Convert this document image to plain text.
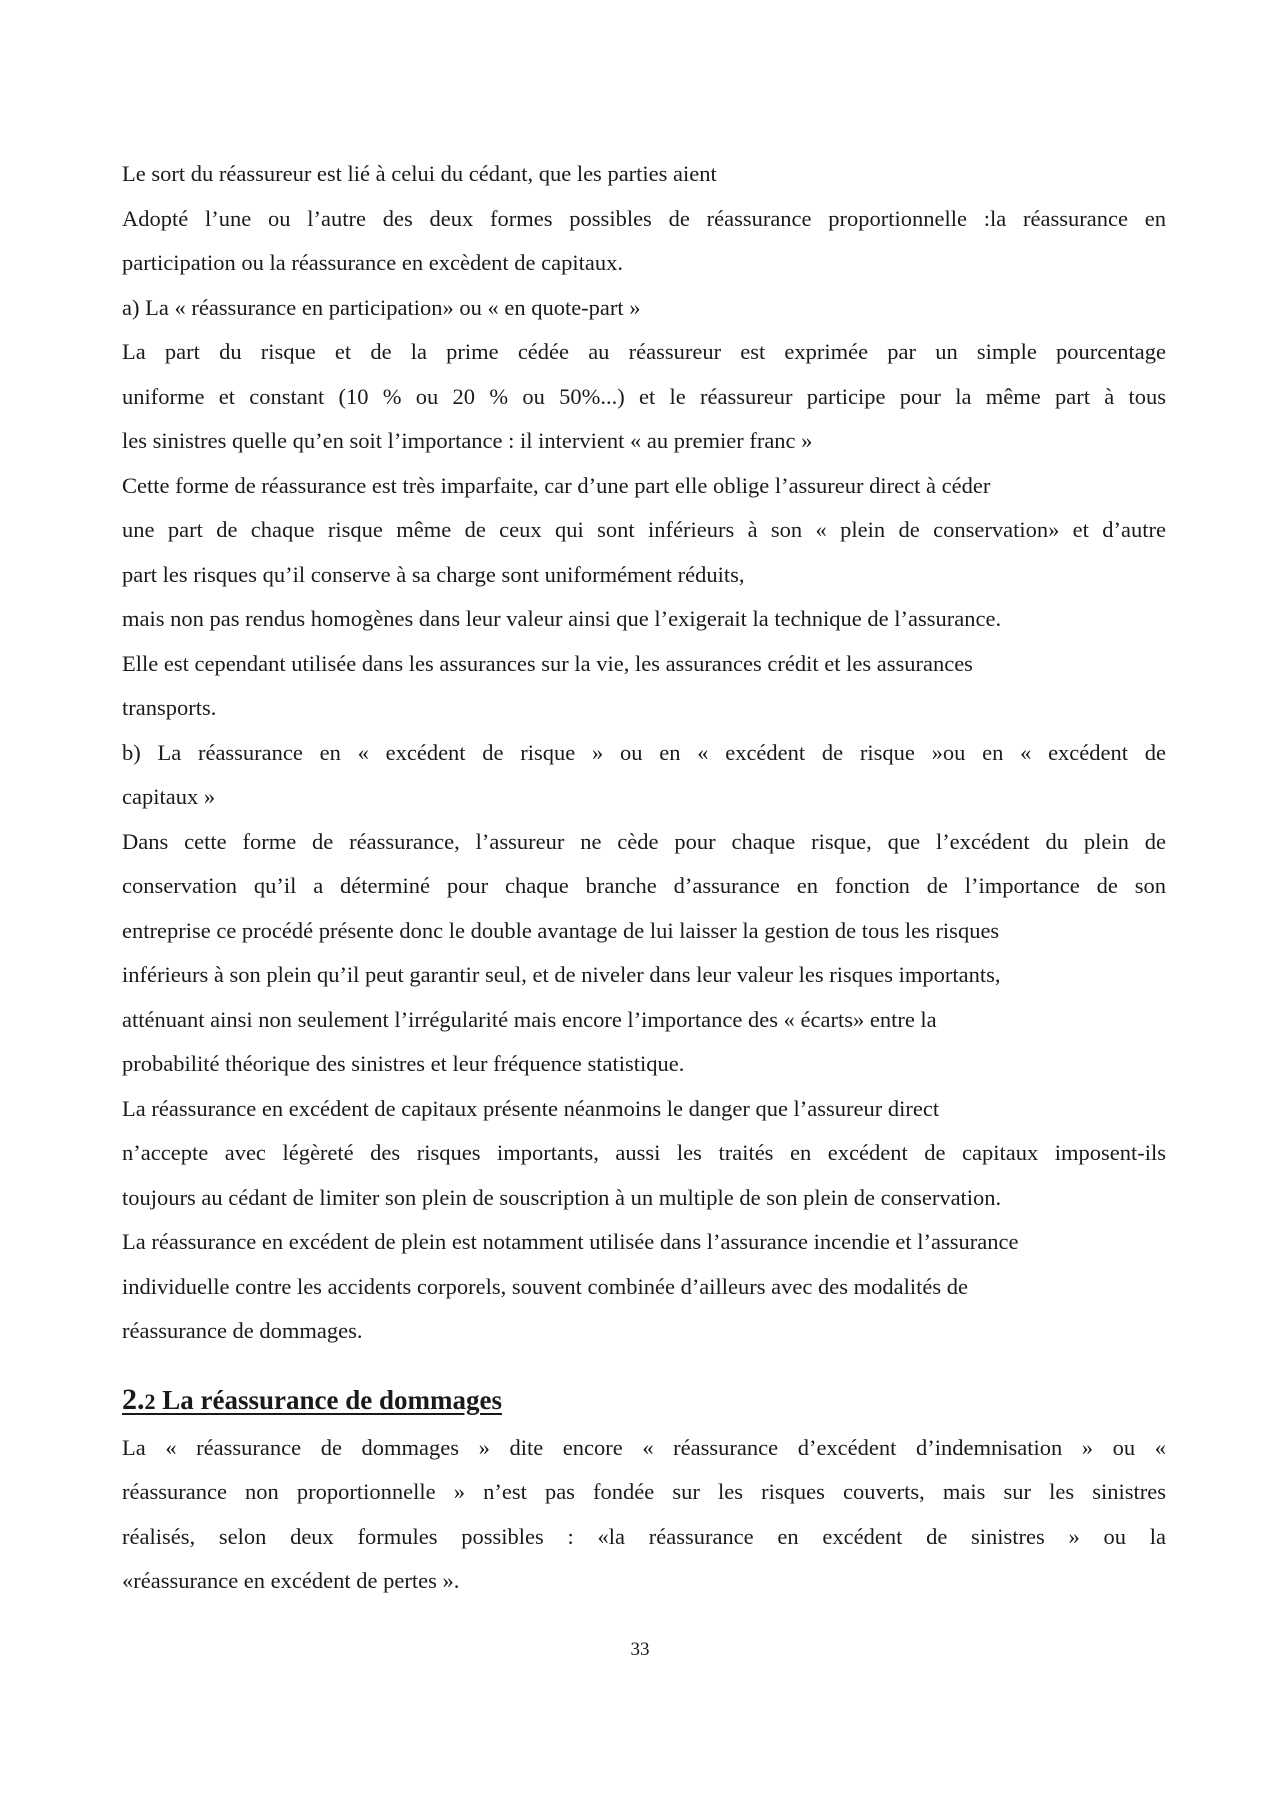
Le sort du réassureur est lié à celui du cédant, que les parties aient
Adopté l’une ou l’autre des deux formes possibles de réassurance proportionnelle :la réassurance en
participation ou la réassurance en excèdent de capitaux.
a) La « réassurance en participation» ou « en quote-part »
La part du risque et de la prime cédée au réassureur est exprimée par un simple pourcentage
uniforme et constant (10 % ou 20 % ou 50%...) et le réassureur participe pour la même part à tous
les sinistres quelle qu’en soit l’importance : il intervient « au premier franc »
Cette forme de réassurance est très imparfaite, car d’une part elle oblige l’assureur direct à céder
une part de chaque risque même de ceux qui sont inférieurs à son « plein de conservation» et d’autre
part les risques qu’il conserve à sa charge sont uniformément réduits,
mais non pas rendus homogènes dans leur valeur ainsi que l’exigerait la technique de l’assurance.
Elle est cependant utilisée dans les assurances sur la vie, les assurances crédit et les assurances
transports.
b) La réassurance en « excédent de risque » ou en « excédent de risque »ou en « excédent de
capitaux »
Dans cette forme de réassurance, l’assureur ne cède pour chaque risque, que l’excédent du plein de
conservation qu’il a déterminé pour chaque branche d’assurance en fonction de l’importance de son
entreprise ce procédé présente donc le double avantage de lui laisser la gestion de tous les risques
inférieurs à son plein qu’il peut garantir seul, et de niveler dans leur valeur les risques importants,
atténuant ainsi non seulement l’irrégularité mais encore l’importance des « écarts» entre la
probabilité théorique des sinistres et leur fréquence statistique.
La réassurance en excédent de capitaux présente néanmoins le danger que l’assureur direct
n’accepte avec légèreté des risques importants, aussi les traités en excédent de capitaux imposent-ils
toujours au cédant de limiter son plein de souscription à un multiple de son plein de conservation.
La réassurance en excédent de plein est notamment utilisée dans l’assurance incendie et l’assurance
individuelle contre les accidents corporels, souvent combinée d’ailleurs avec des modalités de
réassurance de dommages.
2.2 La réassurance de dommages
La « réassurance de dommages » dite encore « réassurance d’excédent d’indemnisation » ou «
réassurance non proportionnelle » n’est pas fondée sur les risques couverts, mais sur les sinistres
réalisés, selon deux formules possibles : «la réassurance en excédent de sinistres » ou la
«réassurance en excédent de pertes ».
33
